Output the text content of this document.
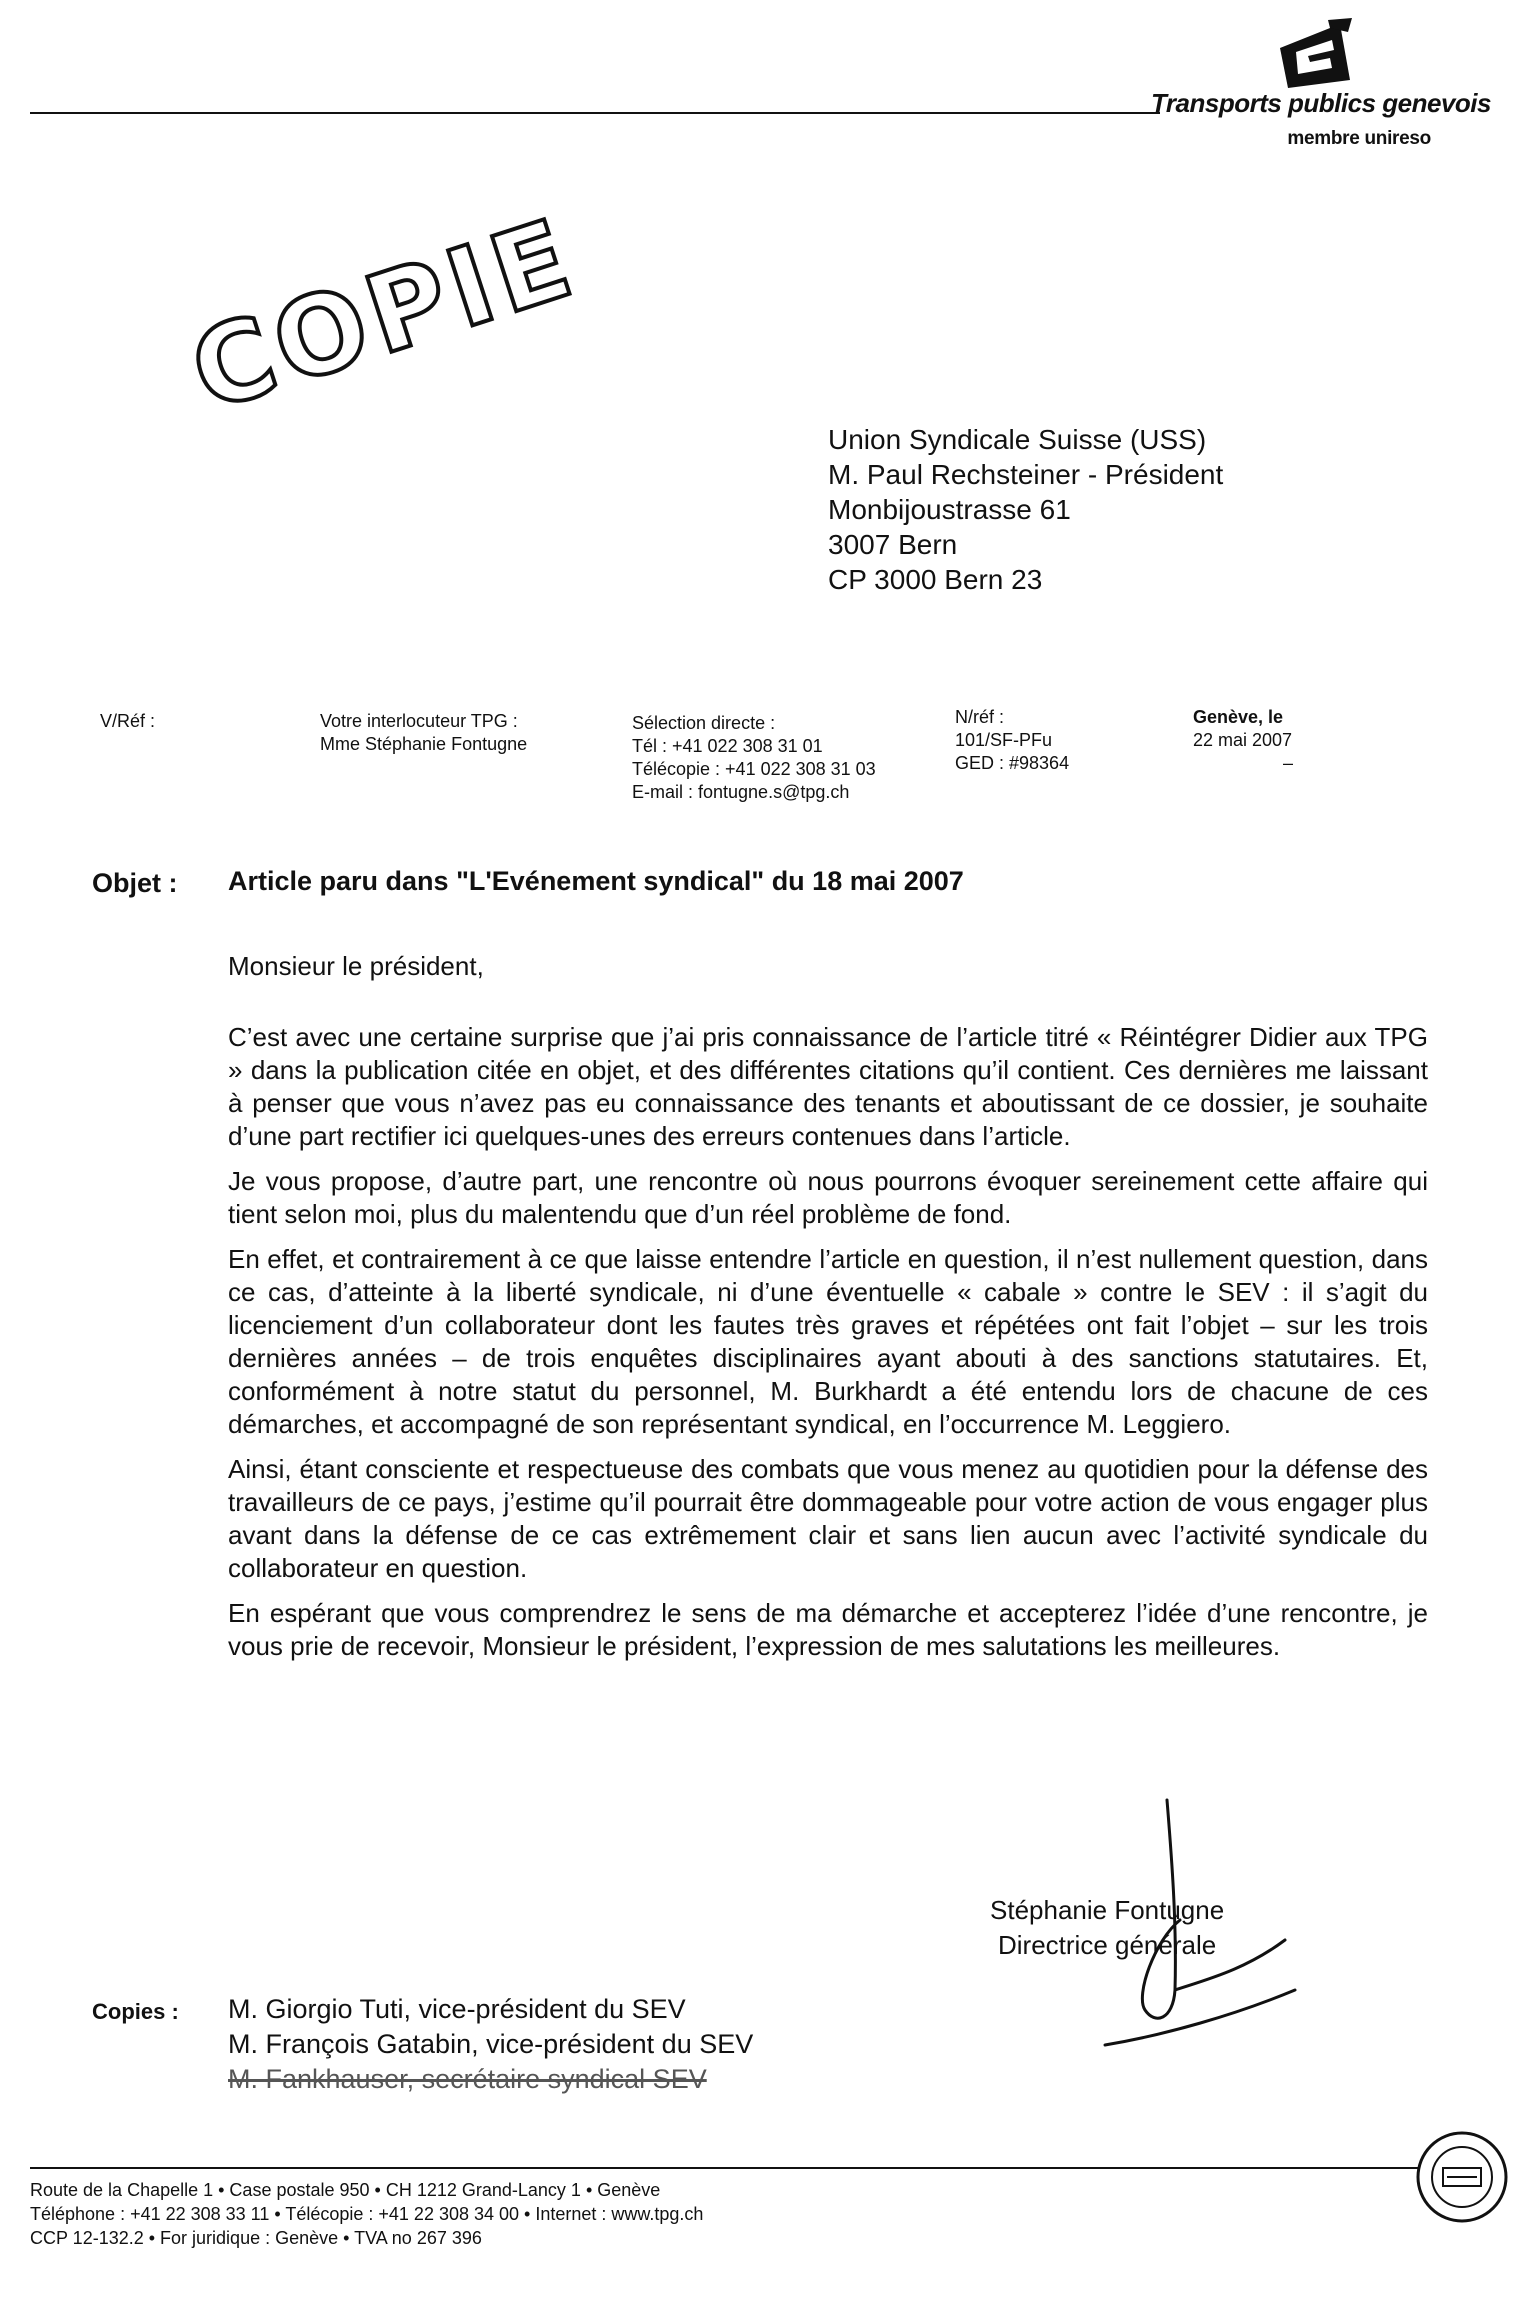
Transports publics genevois
membre unireso
COPIE
Union Syndicale Suisse (USS)
M. Paul Rechsteiner - Président
Monbijoustrasse 61
3007 Bern
CP 3000 Bern 23
V/Réf :	Votre interlocuteur TPG :
Mme Stéphanie Fontugne
Sélection directe :
Tél : +41 022 308 31 01
Télécopie : +41 022 308 31 03
E-mail : fontugne.s@tpg.ch
N/réf :
101/SF-PFu
GED : #98364
Genève, le
22 mai 2007
–
Objet : Article paru dans "L'Evénement syndical" du 18 mai 2007

Monsieur le président,

C’est avec une certaine surprise que j’ai pris connaissance de l’article titré « Réintégrer Didier aux TPG » dans la publication citée en objet, et des différentes citations qu’il contient. Ces dernières me laissant à penser que vous n’avez pas eu connaissance des tenants et aboutissant de ce dossier, je souhaite d’une part rectifier ici quelques-unes des erreurs contenues dans l’article.

Je vous propose, d’autre part, une rencontre où nous pourrons évoquer sereinement cette affaire qui tient selon moi, plus du malentendu que d’un réel problème de fond.

En effet, et contrairement à ce que laisse entendre l’article en question, il n’est nullement question, dans ce cas, d’atteinte à la liberté syndicale, ni d’une éventuelle « cabale » contre le SEV : il s’agit du licenciement d’un collaborateur dont les fautes très graves et répétées ont fait l’objet – sur les trois dernières années – de trois enquêtes disciplinaires ayant abouti à des sanctions statutaires. Et, conformément à notre statut du personnel, M. Burkhardt a été entendu lors de chacune de ces démarches, et accompagné de son représentant syndical, en l’occurrence M. Leggiero.

Ainsi, étant consciente et respectueuse des combats que vous menez au quotidien pour la défense des travailleurs de ce pays, j’estime qu’il pourrait être dommageable pour votre action de vous engager plus avant dans la défense de ce cas extrêmement clair et sans lien aucun avec l’activité syndicale du collaborateur en question.

En espérant que vous comprendrez le sens de ma démarche et accepterez l’idée d’une rencontre, je vous prie de recevoir, Monsieur le président, l’expression de mes salutations les meilleures.

Stéphanie Fontugne
Directrice générale
Copies : M. Giorgio Tuti, vice-président du SEV
M. François Gatabin, vice-président du SEV
M. Fankhauser, secrétaire syndical SEV
Route de la Chapelle 1 • Case postale 950 • CH 1212 Grand-Lancy 1 • Genève
Téléphone : +41 22 308 33 11 • Télécopie : +41 22 308 34 00 • Internet : www.tpg.ch
CCP 12-132.2 • For juridique : Genève • TVA no 267 396
